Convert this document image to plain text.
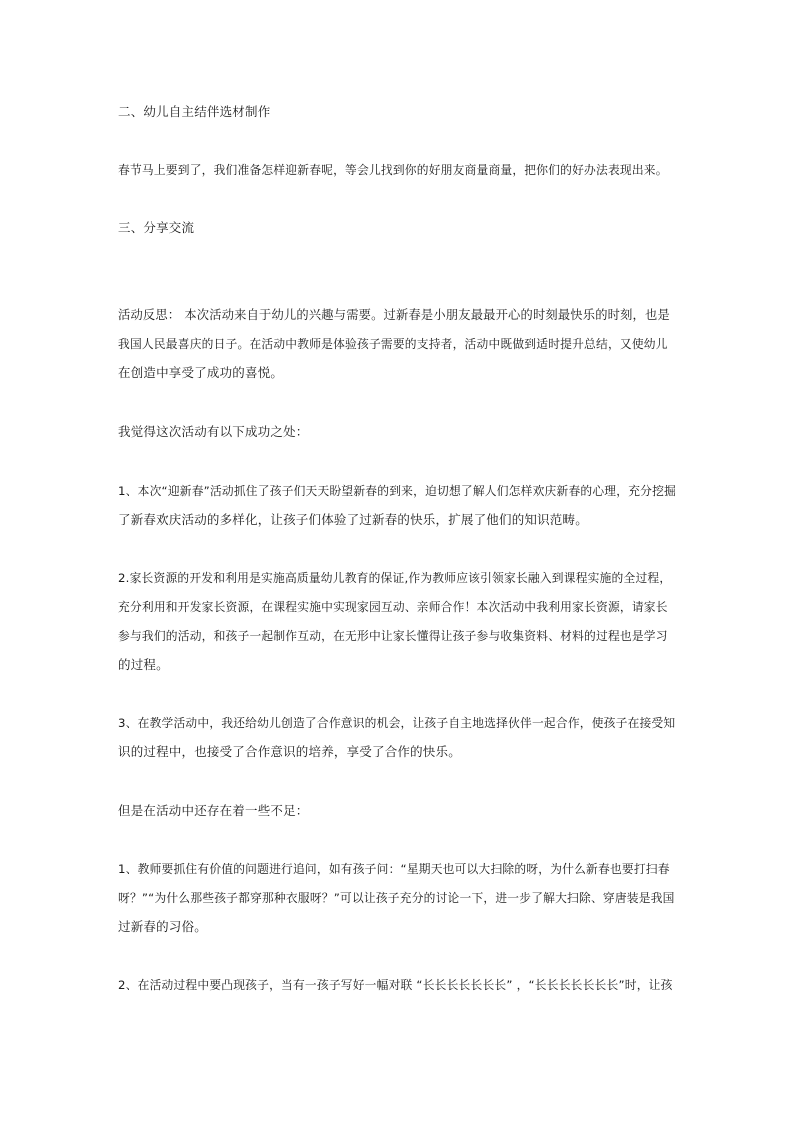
二、幼儿自主结伴选材制作
春节马上要到了，我们准备怎样迎新春呢，等会儿找到你的好朋友商量商量，把你们的好办法表现出来。
三、分享交流
活动反思： 本次活动来自于幼儿的兴趣与需要。过新春是小朋友最最开心的时刻最快乐的时刻，也是
我国人民最喜庆的日子。在活动中教师是体验孩子需要的支持者，活动中既做到适时提升总结，又使幼儿
在创造中享受了成功的喜悦。
我觉得这次活动有以下成功之处：
1、本次“迎新春”活动抓住了孩子们天天盼望新春的到来，迫切想了解人们怎样欢庆新春的心理，充分挖掘
了新春欢庆活动的多样化，让孩子们体验了过新春的快乐，扩展了他们的知识范畴。
2.家长资源的开发和利用是实施高质量幼儿教育的保证,作为教师应该引领家长融入到课程实施的全过程，
充分利用和开发家长资源，在课程实施中实现家园互动、亲师合作！本次活动中我利用家长资源，请家长
参与我们的活动，和孩子一起制作互动，在无形中让家长懂得让孩子参与收集资料、材料的过程也是学习
的过程。
3、在教学活动中，我还给幼儿创造了合作意识的机会，让孩子自主地选择伙伴一起合作，使孩子在接受知
识的过程中，也接受了合作意识的培养，享受了合作的快乐。
但是在活动中还存在着一些不足：
1、教师要抓住有价值的问题进行追问，如有孩子问：“星期天也可以大扫除的呀，为什么新春也要打扫春
呀？”“为什么那些孩子都穿那种衣服呀？”可以让孩子充分的讨论一下，进一步了解大扫除、穿唐装是我国
过新春的习俗。
2、在活动过程中要凸现孩子，当有一孩子写好一幅对联 “长长长长长长长” ，“长长长长长长长”时，让孩
